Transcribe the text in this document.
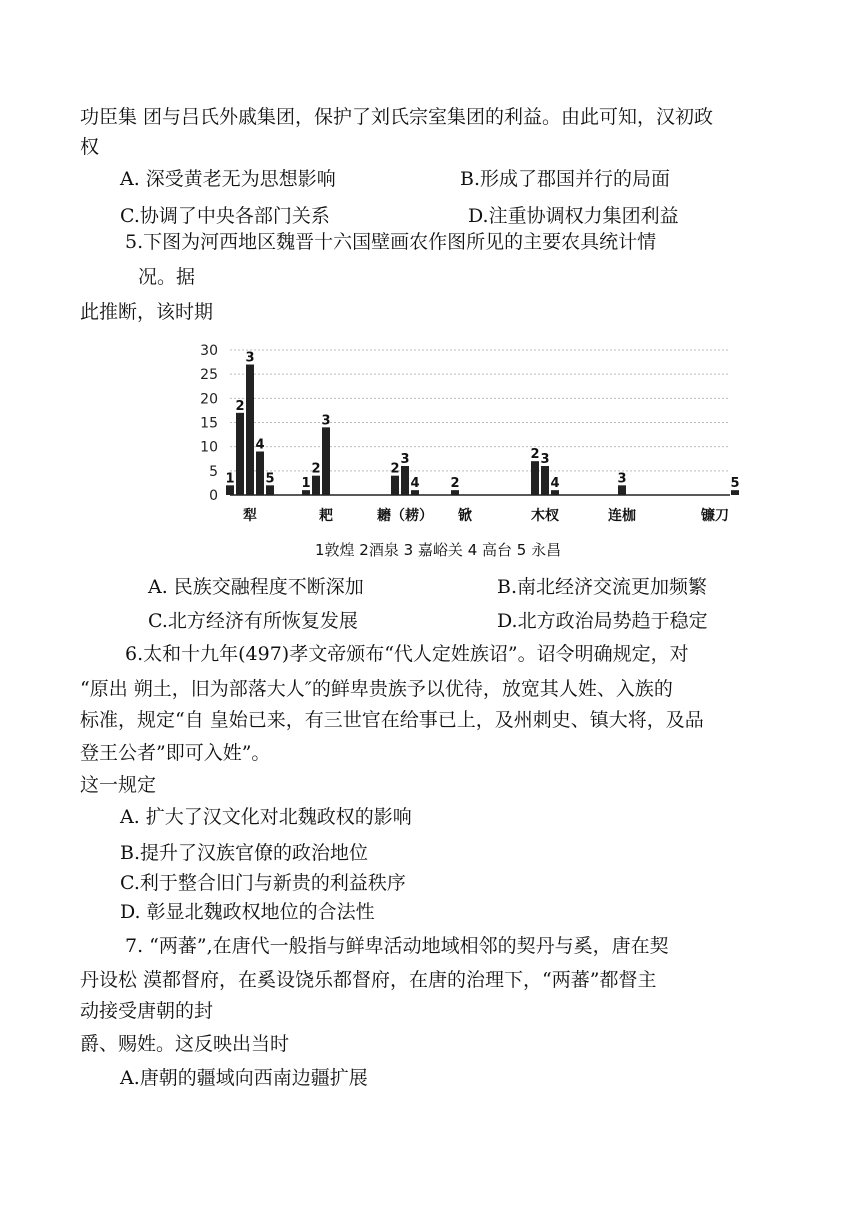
功臣集 团与吕氏外戚集团，保护了刘氏宗室集团的利益。由此可知，汉初政
权
A. 深受黄老无为思想影响	B.形成了郡国并行的局面
C.协调了中央各部门关系	D.注重协调权力集团利益
5.下图为河西地区魏晋十六国壁画农作图所见的主要农具统计情
况。据
此推断，该时期
0
5
10
15
20
25
30
1
2
3
4
5 1
2
3
2
3
4 2
2 3
4	3	5
犁	耙	耱（耢） 锨	木杈	连枷	镰刀
1敦煌 2酒泉 3 嘉峪关 4 高台 5 永昌
A. 民族交融程度不断深加	B.南北经济交流更加频繁
C.北方经济有所恢复发展	D.北方政治局势趋于稳定
6.太和十九年(497)孝文帝颁布“代人定姓族诏”。诏令明确规定，对
“原出 朔土，旧为部落大人″的鲜卑贵族予以优待，放宽其人姓、入族的
标准，规定“自 皇始已来，有三世官在给事已上，及州刺史、镇大将，及品
登王公者”即可入姓”。
这一规定
A. 扩大了汉文化对北魏政权的影响
B.提升了汉族官僚的政治地位
C.利于整合旧门与新贵的利益秩序
D. 彰显北魏政权地位的合法性
7. “两蕃”,在唐代一般指与鲜卑活动地域相邻的契丹与奚，唐在契
丹设松 漠都督府，在奚设饶乐都督府，在唐的治理下，“两蕃”都督主
动接受唐朝的封
爵、赐姓。这反映出当时
A.唐朝的疆域向西南边疆扩展
